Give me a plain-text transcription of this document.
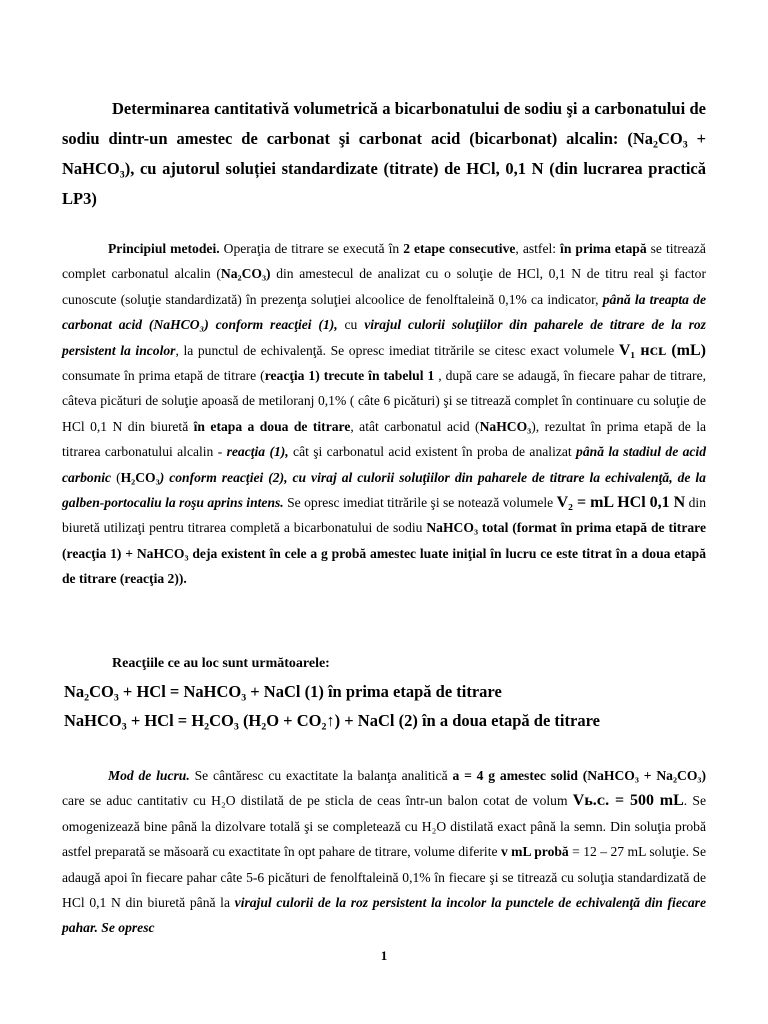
Determinarea cantitativă volumetrică a bicarbonatului de sodiu şi a carbonatului de sodiu dintr-un amestec de carbonat şi carbonat acid (bicarbonat) alcalin: (Na₂CO₃ + NaHCO₃), cu ajutorul soluției standardizate (titrate) de HCl, 0,1 N (din lucrarea practică LP3)
Principiul metodei. Operaţia de titrare se execută în 2 etape consecutive, astfel: în prima etapă se titrează complet carbonatul alcalin (Na₂CO₃) din amestecul de analizat cu o soluţie de HCl, 0,1 N de titru real şi factor cunoscute (soluţie standardizată) în prezenţa soluţiei alcoolice de fenolftaleină 0,1% ca indicator, până la treapta de carbonat acid (NaHCO₃) conform reacţiei (1), cu virajul culorii soluţiilor din paharele de titrare de la roz persistent la incolor, la punctul de echivalenţă. Se opresc imediat titrările se citesc exact volumele V₁ ʜᴄʟ (mL) consumate în prima etapă de titrare (reacţia 1) trecute în tabelul 1 , după care se adaugă, în fiecare pahar de titrare, câteva picături de soluţie apoasă de metiloranj 0,1% ( câte 6 picături) şi se titrează complet în continuare cu soluţie de HCl 0,1 N din biuretă în etapa a doua de titrare, atât carbonatul acid (NaHCO₃), rezultat în prima etapă de la titrarea carbonatului alcalin - reacţia (1), cât şi carbonatul acid existent în proba de analizat până la stadiul de acid carbonic (H₂CO₃) conform reacţiei (2), cu viraj al culorii soluţiilor din paharele de titrare la echivalenţă, de la galben-portocaliu la roşu aprins intens. Se opresc imediat titrările şi se notează volumele V₂ = mL HCl 0,1 N din biuretă utilizaţi pentru titrarea completă a bicarbonatului de sodiu NaHCO₃ total (format în prima etapă de titrare (reacţia 1) + NaHCO₃ deja existent în cele a g probă amestec luate iniţial în lucru ce este titrat în a doua etapă de titrare (reacţia 2)).
Reacţiile ce au loc sunt următoarele:
Na₂CO₃ + HCl = NaHCO₃ + NaCl (1) în prima etapă de titrare
NaHCO₃ + HCl = H₂CO₃ (H₂O + CO₂↑) + NaCl (2) în a doua etapă de titrare
Mod de lucru. Se cântăresc cu exactitate la balanţa analitică a = 4 g amestec solid (NaHCO₃ + Na₂CO₃) care se aduc cantitativ cu H₂O distilată de pe sticla de ceas într-un balon cotat de volum Vь.ᴄ. = 500 mL. Se omogenizează bine până la dizolvare totală şi se completează cu H₂O distilată exact până la semn. Din soluţia probă astfel preparată se măsoară cu exactitate în opt pahare de titrare, volume diferite v mL probă = 12 – 27 mL soluţie. Se adaugă apoi în fiecare pahar câte 5-6 picături de fenolftaleină 0,1% în fiecare şi se titrează cu soluţia standardizată de HCl 0,1 N din biuretă până la virajul culorii de la roz persistent la incolor la punctele de echivalenţă din fiecare pahar. Se opresc
1
